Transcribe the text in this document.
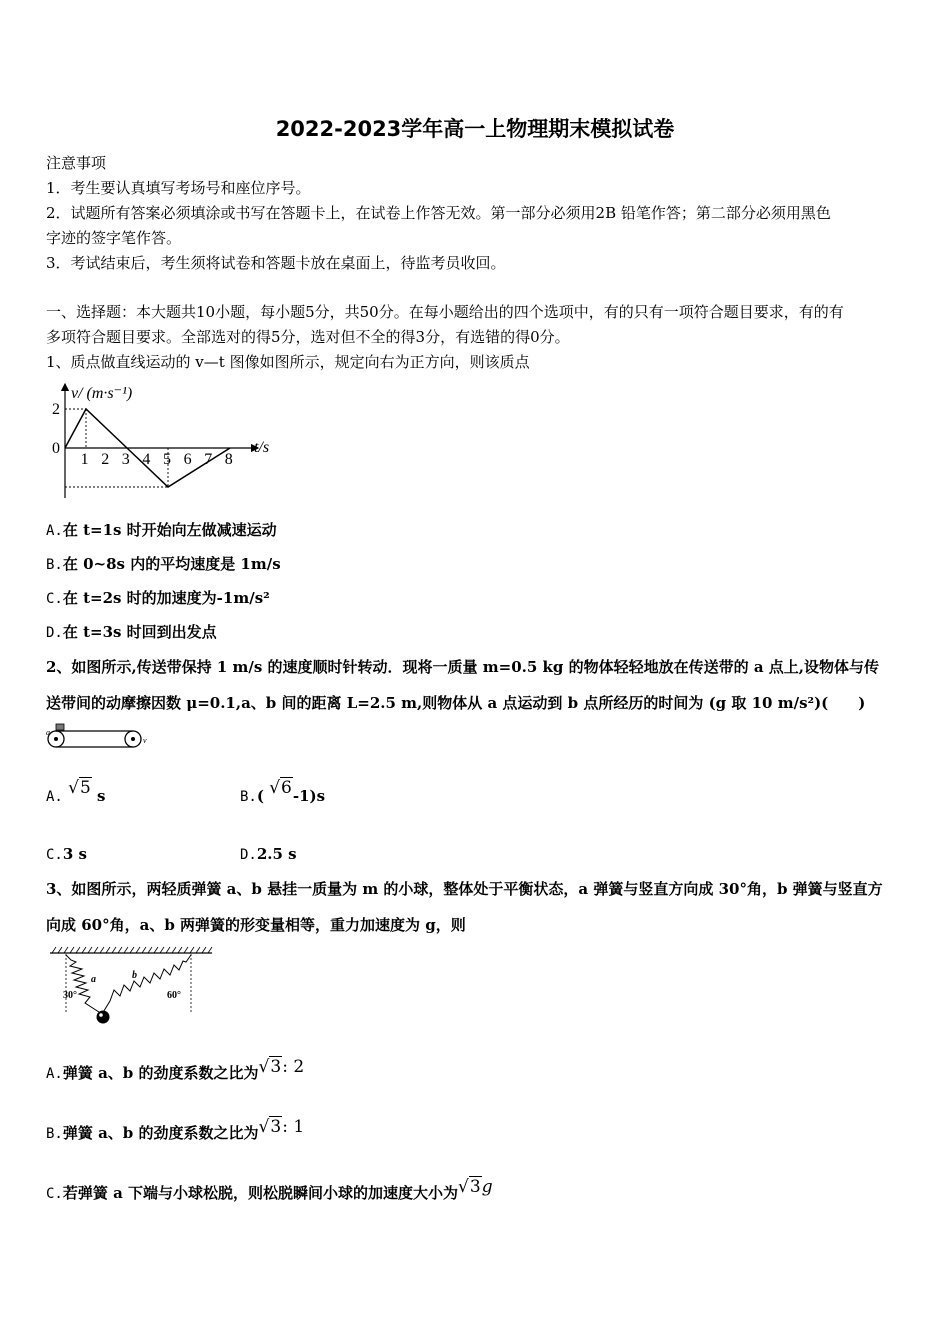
2022-2023学年高一上物理期末模拟试卷
注意事项
1．考生要认真填写考场号和座位序号。
2．试题所有答案必须填涂或书写在答题卡上，在试卷上作答无效。第一部分必须用2B 铅笔作答；第二部分必须用黑色
字迹的签字笔作答。
3．考试结束后，考生须将试卷和答题卡放在桌面上，待监考员收回。
一、选择题：本大题共10小题，每小题5分，共50分。在每小题给出的四个选项中，有的只有一项符合题目要求，有的有
多项符合题目要求。全部选对的得5分，选对但不全的得3分，有选错的得0分。
1、质点做直线运动的 v—t 图像如图所示，规定向右为正方向，则该质点
v/ (m·s⁻¹)
t/s
2
0
1 2 3 4 5 6 7 8
A.在 t=1s 时开始向左做减速运动
B.在 0~8s 内的平均速度是 1m/s
C.在 t=2s 时的加速度为-1m/s²
D.在 t=3s 时回到出发点
2、如图所示,传送带保持 1 m/s 的速度顺时针转动．现将一质量 m=0.5 kg 的物体轻轻地放在传送带的 a 点上,设物体与传
送带间的动摩擦因数 μ=0.1,a、b 间的距离 L=2.5 m,则物体从 a 点运动到 b 点所经历的时间为 (g 取 10 m/s²)(　　)
a
v
A. √5 s	B.( √6-1)s
C.3 s	D.2.5 s
3、如图所示，两轻质弹簧 a、b 悬挂一质量为 m 的小球，整体处于平衡状态，a 弹簧与竖直方向成 30°角，b 弹簧与竖直方
向成 60°角，a、b 两弹簧的形变量相等，重力加速度为 g，则
30°	60°
a	b
A.弹簧 a、b 的劲度系数之比为√3: 2
B.弹簧 a、b 的劲度系数之比为√3: 1
C.若弹簧 a 下端与小球松脱，则松脱瞬间小球的加速度大小为√3g
